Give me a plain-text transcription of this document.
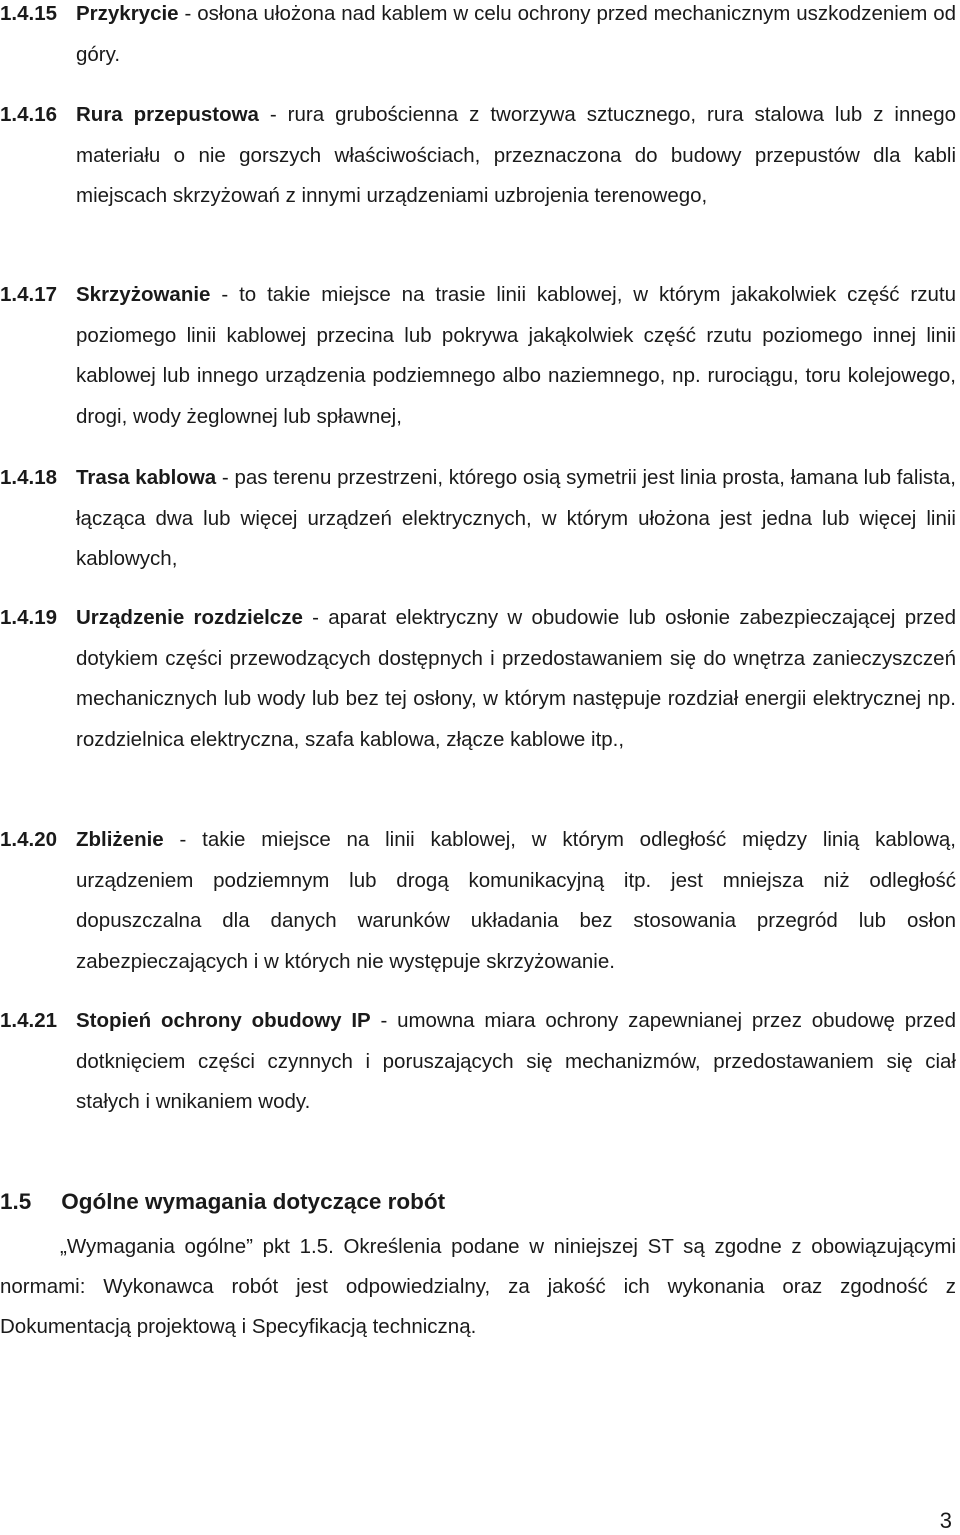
1.4.15 Przykrycie - osłona ułożona nad kablem w celu ochrony przed mechanicznym uszkodzeniem od góry.
1.4.16 Rura przepustowa - rura grubościenna z tworzywa sztucznego, rura stalowa lub z innego materiału o nie gorszych właściwościach, przeznaczona do budowy przepustów dla kabli miejscach skrzyżowań z innymi urządzeniami uzbrojenia terenowego,
1.4.17 Skrzyżowanie - to takie miejsce na trasie linii kablowej, w którym jakakolwiek część rzutu poziomego linii kablowej przecina lub pokrywa jakąkolwiek część rzutu poziomego innej linii kablowej lub innego urządzenia podziemnego albo naziemnego, np. rurociągu, toru kolejowego, drogi, wody żeglownej lub spławnej,
1.4.18 Trasa kablowa - pas terenu przestrzeni, którego osią symetrii jest linia prosta, łamana lub falista, łącząca dwa lub więcej urządzeń elektrycznych, w którym ułożona jest jedna lub więcej linii kablowych,
1.4.19 Urządzenie rozdzielcze - aparat elektryczny w obudowie lub osłonie zabezpieczającej przed dotykiem części przewodzących dostępnych i przedostawaniem się do wnętrza zanieczyszczeń mechanicznych lub wody lub bez tej osłony, w którym następuje rozdział energii elektrycznej np. rozdzielnica elektryczna, szafa kablowa, złącze kablowe itp.,
1.4.20 Zbliżenie - takie miejsce na linii kablowej, w którym odległość między linią kablową, urządzeniem podziemnym lub drogą komunikacyjną itp. jest mniejsza niż odległość dopuszczalna dla danych warunków układania bez stosowania przegród lub osłon zabezpieczających i w których nie występuje skrzyżowanie.
1.4.21 Stopień ochrony obudowy IP - umowna miara ochrony zapewnianej przez obudowę przed dotknięciem części czynnych i poruszających się mechanizmów, przedostawaniem się ciał stałych i wnikaniem wody.
1.5 Ogólne wymagania dotyczące robót
„Wymagania ogólne” pkt 1.5. Określenia podane w niniejszej ST są zgodne z obowiązującymi normami: Wykonawca robót jest odpowiedzialny, za jakość ich wykonania oraz zgodność z Dokumentacją projektową i Specyfikacją techniczną.
3
